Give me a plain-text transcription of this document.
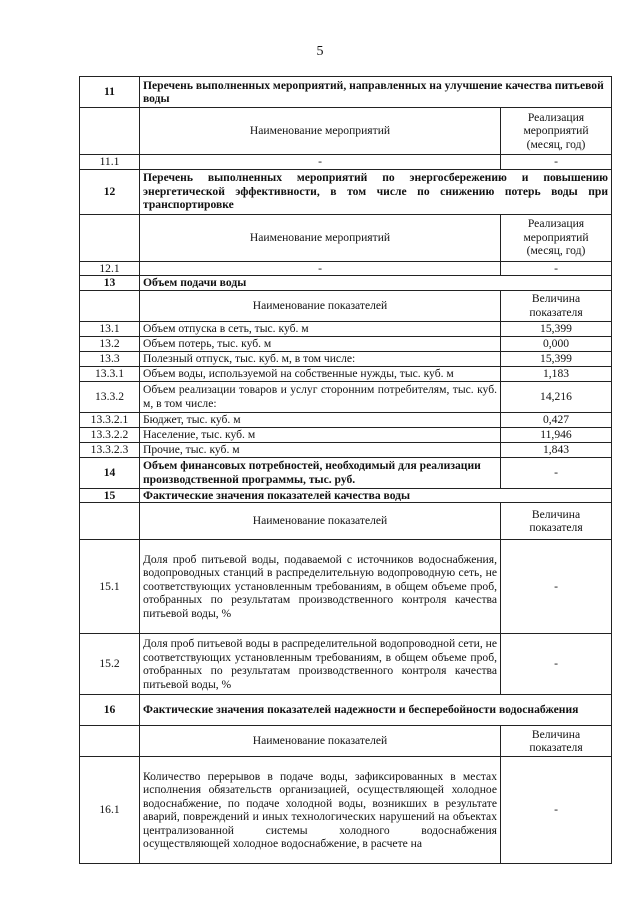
5
11	Перечень выполненных мероприятий, направленных на улучшение качества питьевой воды	
	Наименование мероприятий	Реализация мероприятий (месяц, год)
11.1	-	-
12	Перечень выполненных мероприятий по энергосбережению и повышению энергетической эффективности, в том числе по снижению потерь воды при транспортировке	
	Наименование мероприятий	Реализация мероприятий (месяц, год)
12.1	-	-
13	Объем подачи воды	
	Наименование показателей	Величина показателя
13.1	Объем отпуска в сеть, тыс. куб. м	15,399
13.2	Объем потерь, тыс. куб. м	0,000
13.3	Полезный отпуск, тыс. куб. м, в том числе:	15,399
13.3.1	Объем воды, используемой на собственные нужды, тыс. куб. м	1,183
13.3.2	Объем реализации товаров и услуг сторонним потребителям, тыс. куб. м, в том числе:	14,216
13.3.2.1	Бюджет, тыс. куб. м	0,427
13.3.2.2	Население, тыс. куб. м	11,946
13.3.2.3	Прочие, тыс. куб. м	1,843
14	Объем финансовых потребностей, необходимый для реализации производственной программы, тыс. руб.	-
15	Фактические значения показателей качества воды	
	Наименование показателей	Величина показателя
15.1	Доля проб питьевой воды, подаваемой с источников водоснабжения, водопроводных станций в распределительную водопроводную сеть, не соответствующих установленным требованиям, в общем объеме проб, отобранных по результатам производственного контроля качества питьевой воды, %	-
15.2	Доля проб питьевой воды в распределительной водопроводной сети, не соответствующих установленным требованиям, в общем объеме проб, отобранных по результатам производственного контроля качества питьевой воды, %	-
16	Фактические значения показателей надежности и бесперебойности водоснабжения	
	Наименование показателей	Величина показателя
16.1	Количество перерывов в подаче воды, зафиксированных в местах исполнения обязательств организацией, осуществляющей холодное водоснабжение, по подаче холодной воды, возникших в результате аварий, повреждений и иных технологических нарушений на объектах централизованной системы холодного водоснабжения осуществляющей холодное водоснабжение, в расчете на	-
